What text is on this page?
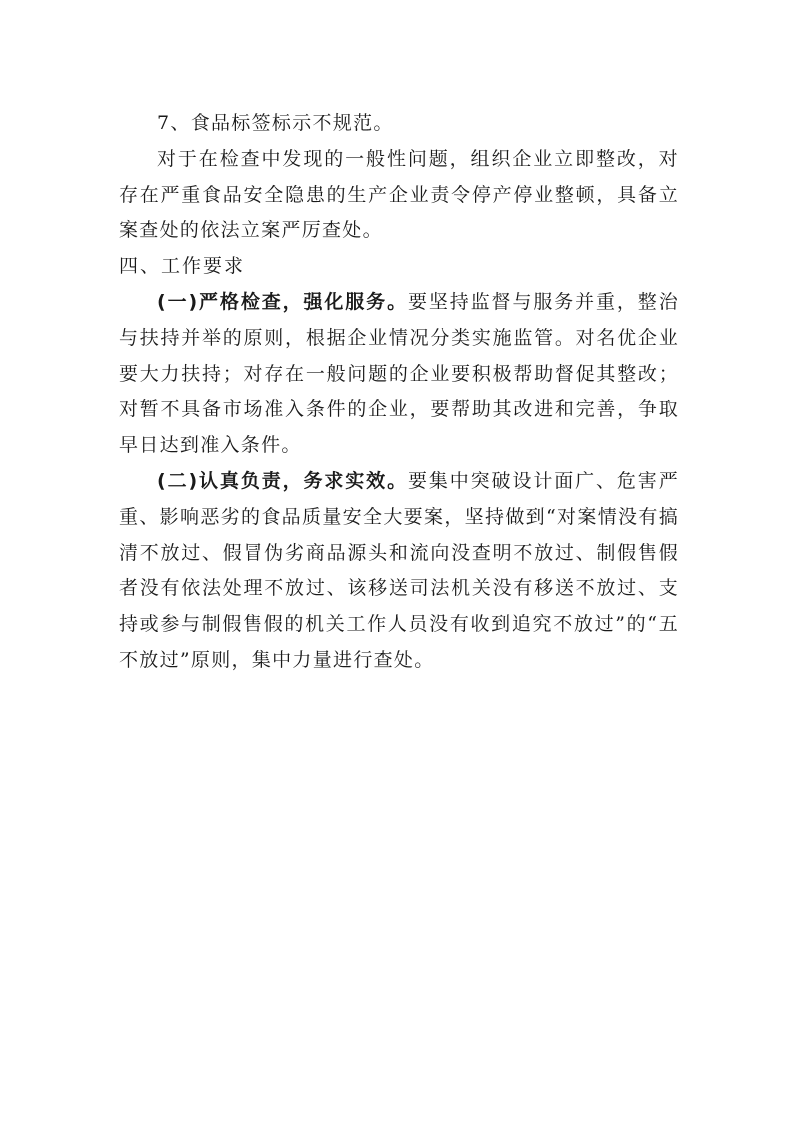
7、食品标签标示不规范。

对于在检查中发现的一般性问题，组织企业立即整改，对存在严重食品安全隐患的生产企业责令停产停业整顿，具备立案查处的依法立案严厉查处。

四、工作要求

(一)严格检查，强化服务。要坚持监督与服务并重，整治与扶持并举的原则，根据企业情况分类实施监管。对名优企业要大力扶持；对存在一般问题的企业要积极帮助督促其整改；对暂不具备市场准入条件的企业，要帮助其改进和完善，争取早日达到准入条件。

(二)认真负责，务求实效。要集中突破设计面广、危害严重、影响恶劣的食品质量安全大要案，坚持做到“对案情没有搞清不放过、假冒伪劣商品源头和流向没查明不放过、制假售假者没有依法处理不放过、该移送司法机关没有移送不放过、支持或参与制假售假的机关工作人员没有收到追究不放过”的“五不放过”原则，集中力量进行查处。
